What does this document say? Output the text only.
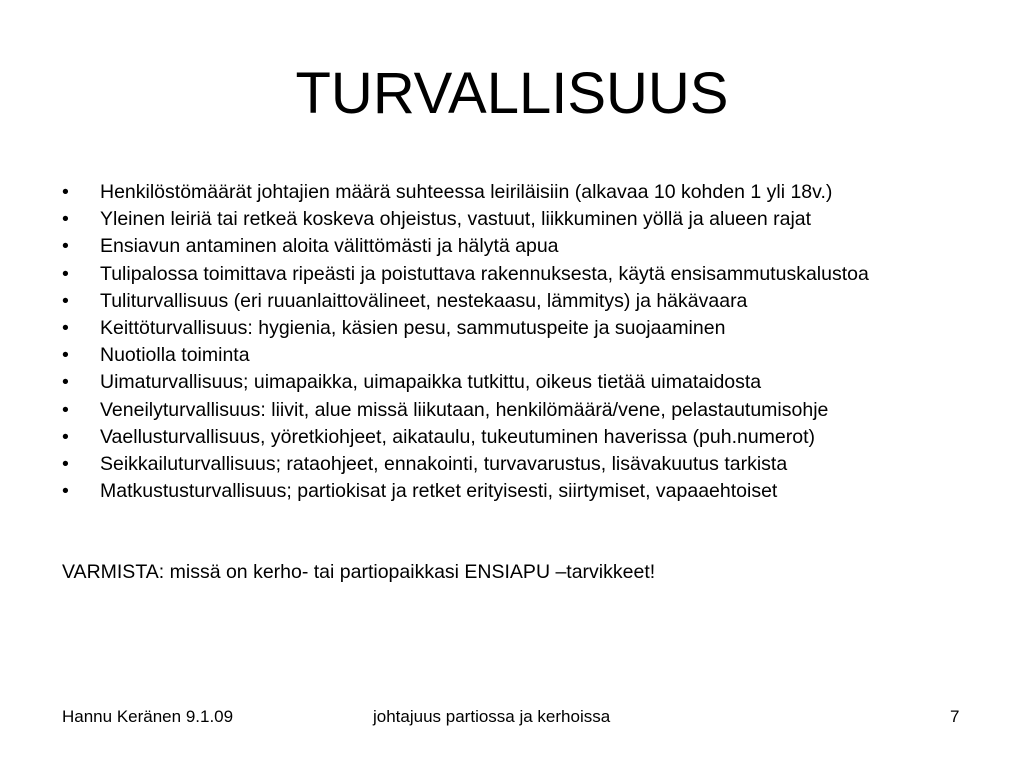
TURVALLISUUS
• Henkilöstömäärät johtajien määrä suhteessa leiriläisiin (alkavaa 10 kohden 1 yli 18v.)
• Yleinen leiriä tai retkeä koskeva ohjeistus, vastuut, liikkuminen yöllä ja alueen rajat
• Ensiavun antaminen aloita välittömästi ja hälytä apua
• Tulipalossa toimittava ripeästi ja poistuttava rakennuksesta, käytä ensisammutuskalustoa
• Tuliturvallisuus (eri ruuanlaittovälineet, nestekaasu, lämmitys) ja häkävaara
• Keittöturvallisuus: hygienia, käsien pesu, sammutuspeite ja suojaaminen
• Nuotiolla toiminta
• Uimaturvallisuus; uimapaikka, uimapaikka tutkittu, oikeus tietää uimataidosta
• Veneilyturvallisuus: liivit, alue missä liikutaan, henkilömäärä/vene, pelastautumisohje
• Vaellusturvallisuus, yöretkiohjeet, aikataulu, tukeutuminen haverissa (puh.numerot)
• Seikkailuturvallisuus; rataohjeet, ennakointi, turvavarustus, lisävakuutus tarkista
• Matkustusturvallisuus; partiokisat ja retket erityisesti, siirtymiset, vapaaehtoiset

VARMISTA: missä on kerho- tai partiopaikkasi ENSIAPU –tarvikkeet!

Hannu Keränen 9.1.09	johtajuus partiossa ja kerhoissa	7
